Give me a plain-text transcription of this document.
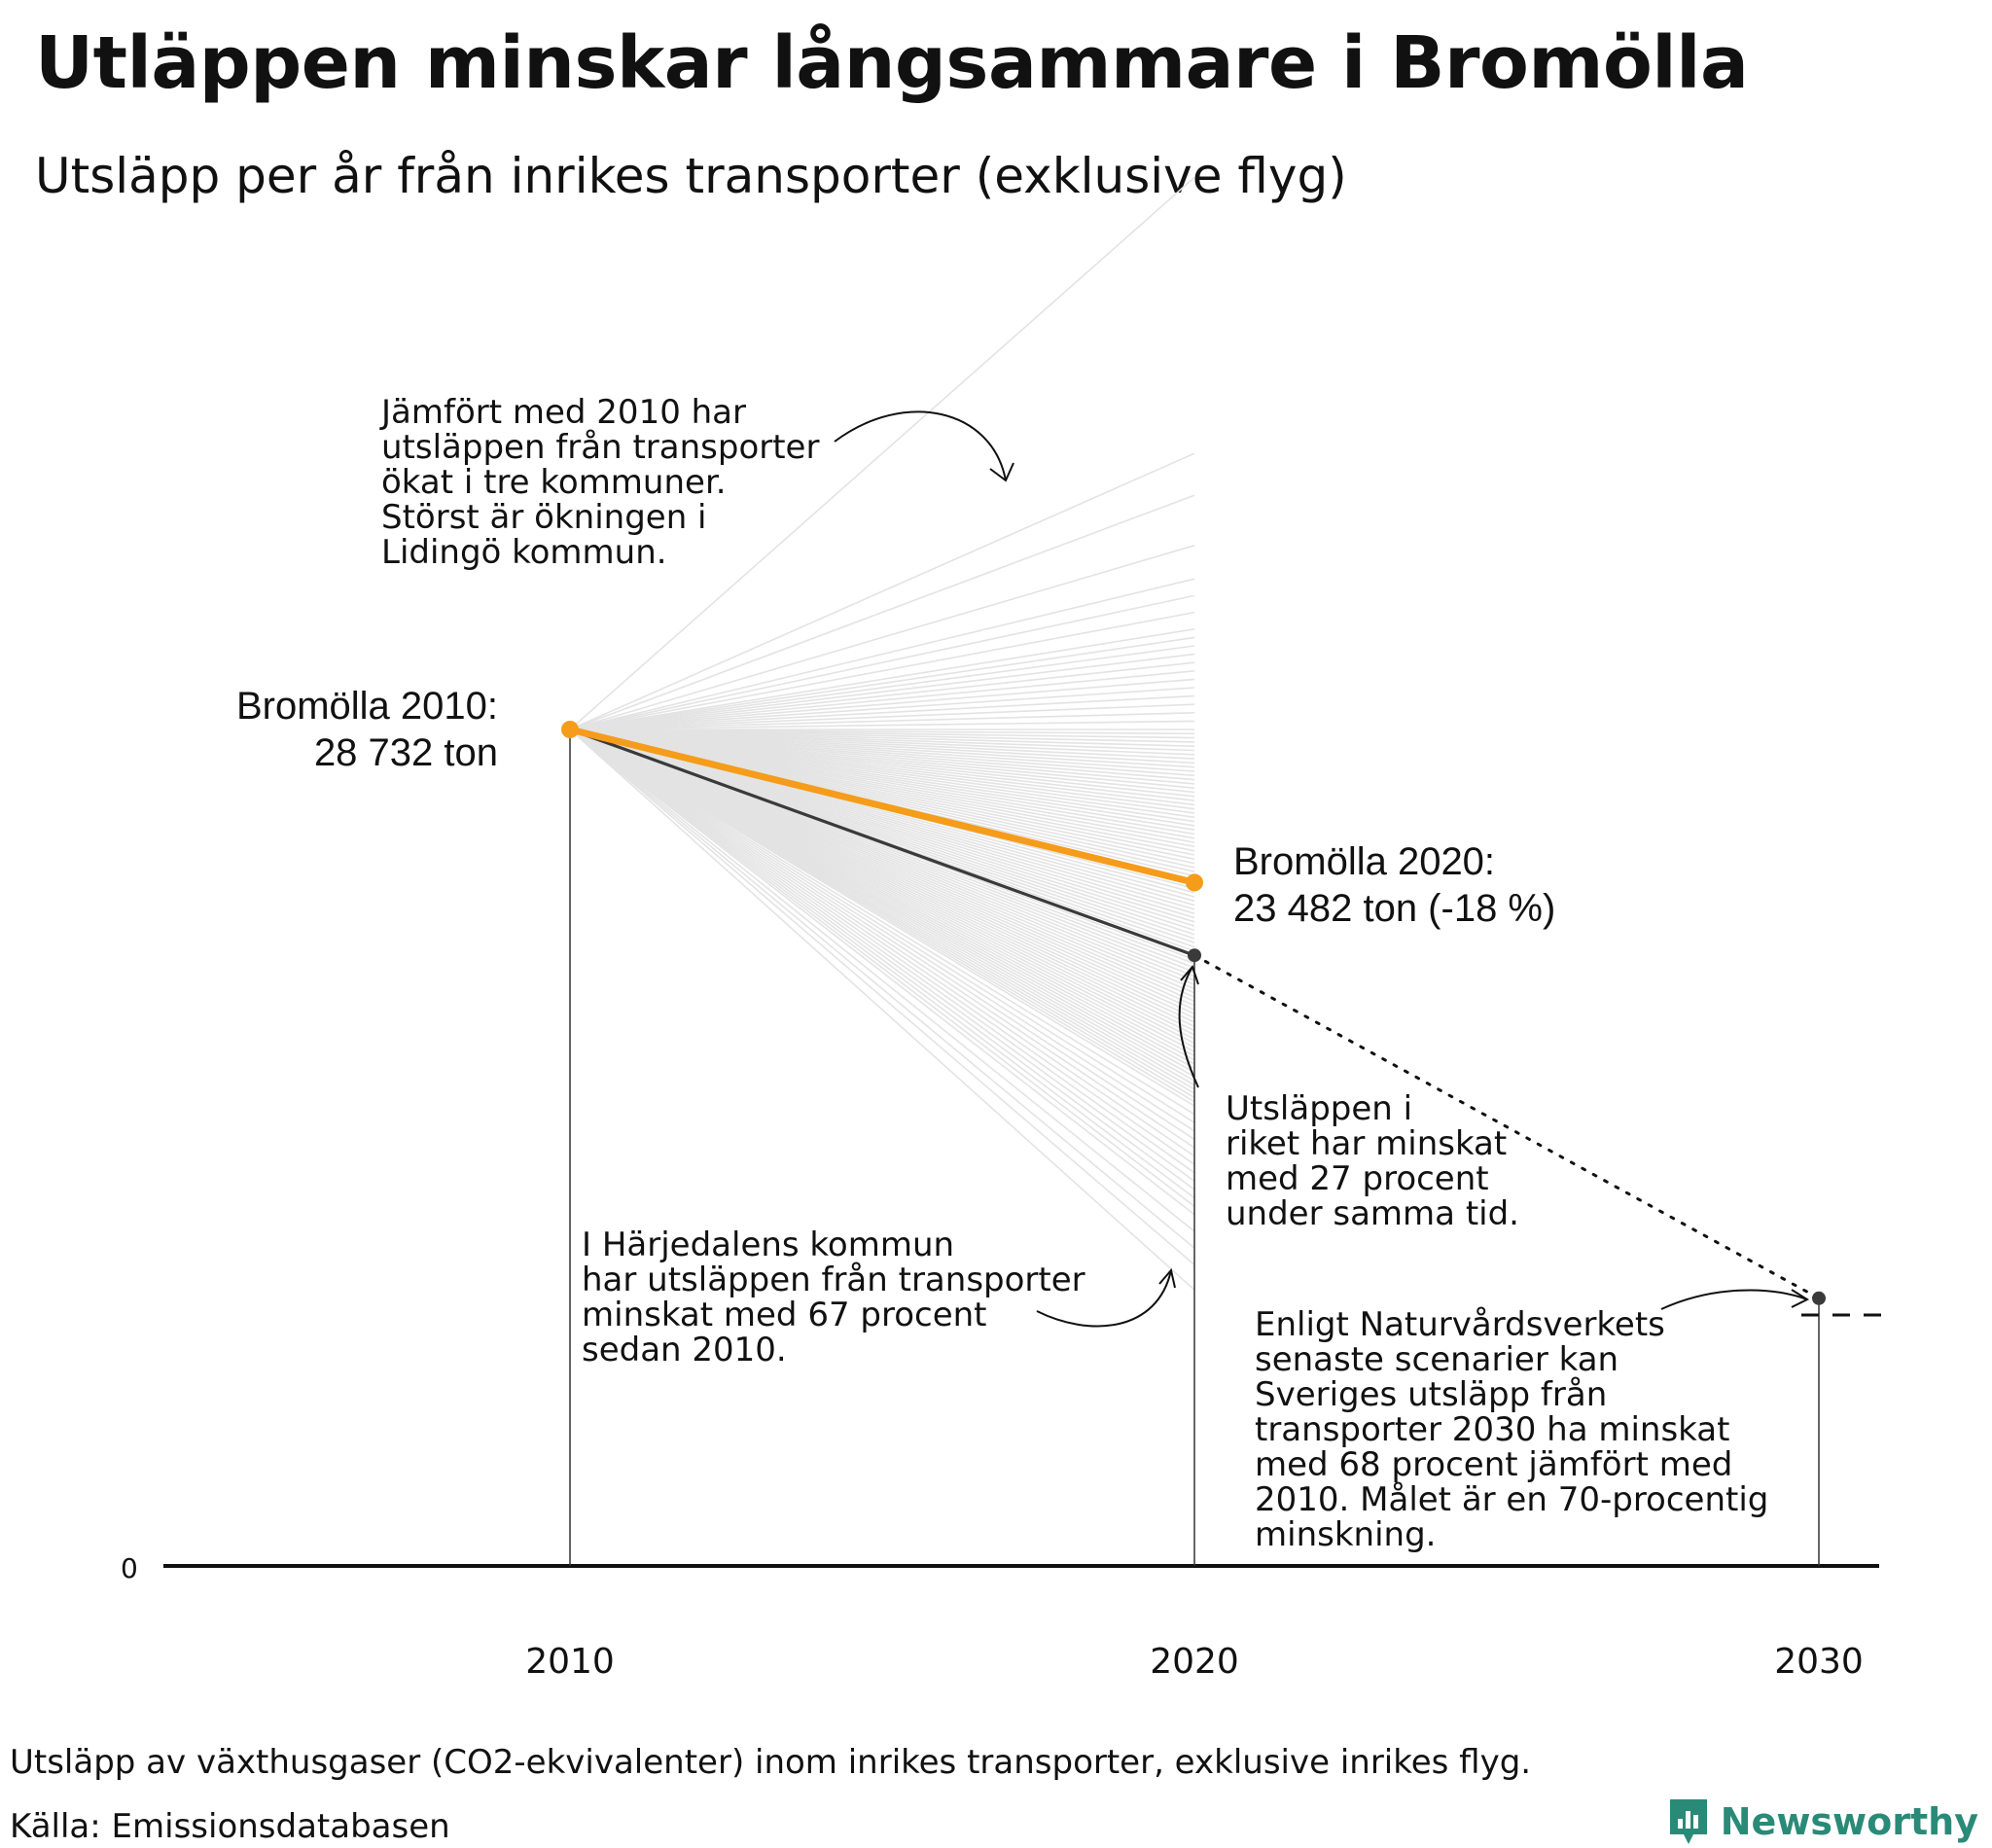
Utläppen minskar långsammare i Bromölla
Utsläpp per år från inrikes transporter (exklusive flyg)
Bromölla 2010:
28 732 ton
Bromölla 2020:
23 482 ton (-18 %)
Jämfört med 2010 har
utsläppen från transporter
ökat i tre kommuner.
Störst är ökningen i
Lidingö kommun.
I Härjedalens kommun
har utsläppen från transporter
minskat med 67 procent
sedan 2010.
Utsläppen i
riket har minskat
med 27 procent
under samma tid.
Enligt Naturvårdsverkets
senaste scenarier kan
Sveriges utsläpp från
transporter 2030 ha minskat
med 68 procent jämfört med
2010. Målet är en 70-procentig
minskning.
0
2010	2020	2030
Utsläpp av växthusgaser (CO2-ekvivalenter) inom inrikes transporter, exklusive inrikes flyg.
Källa: Emissionsdatabasen	Newsworthy
